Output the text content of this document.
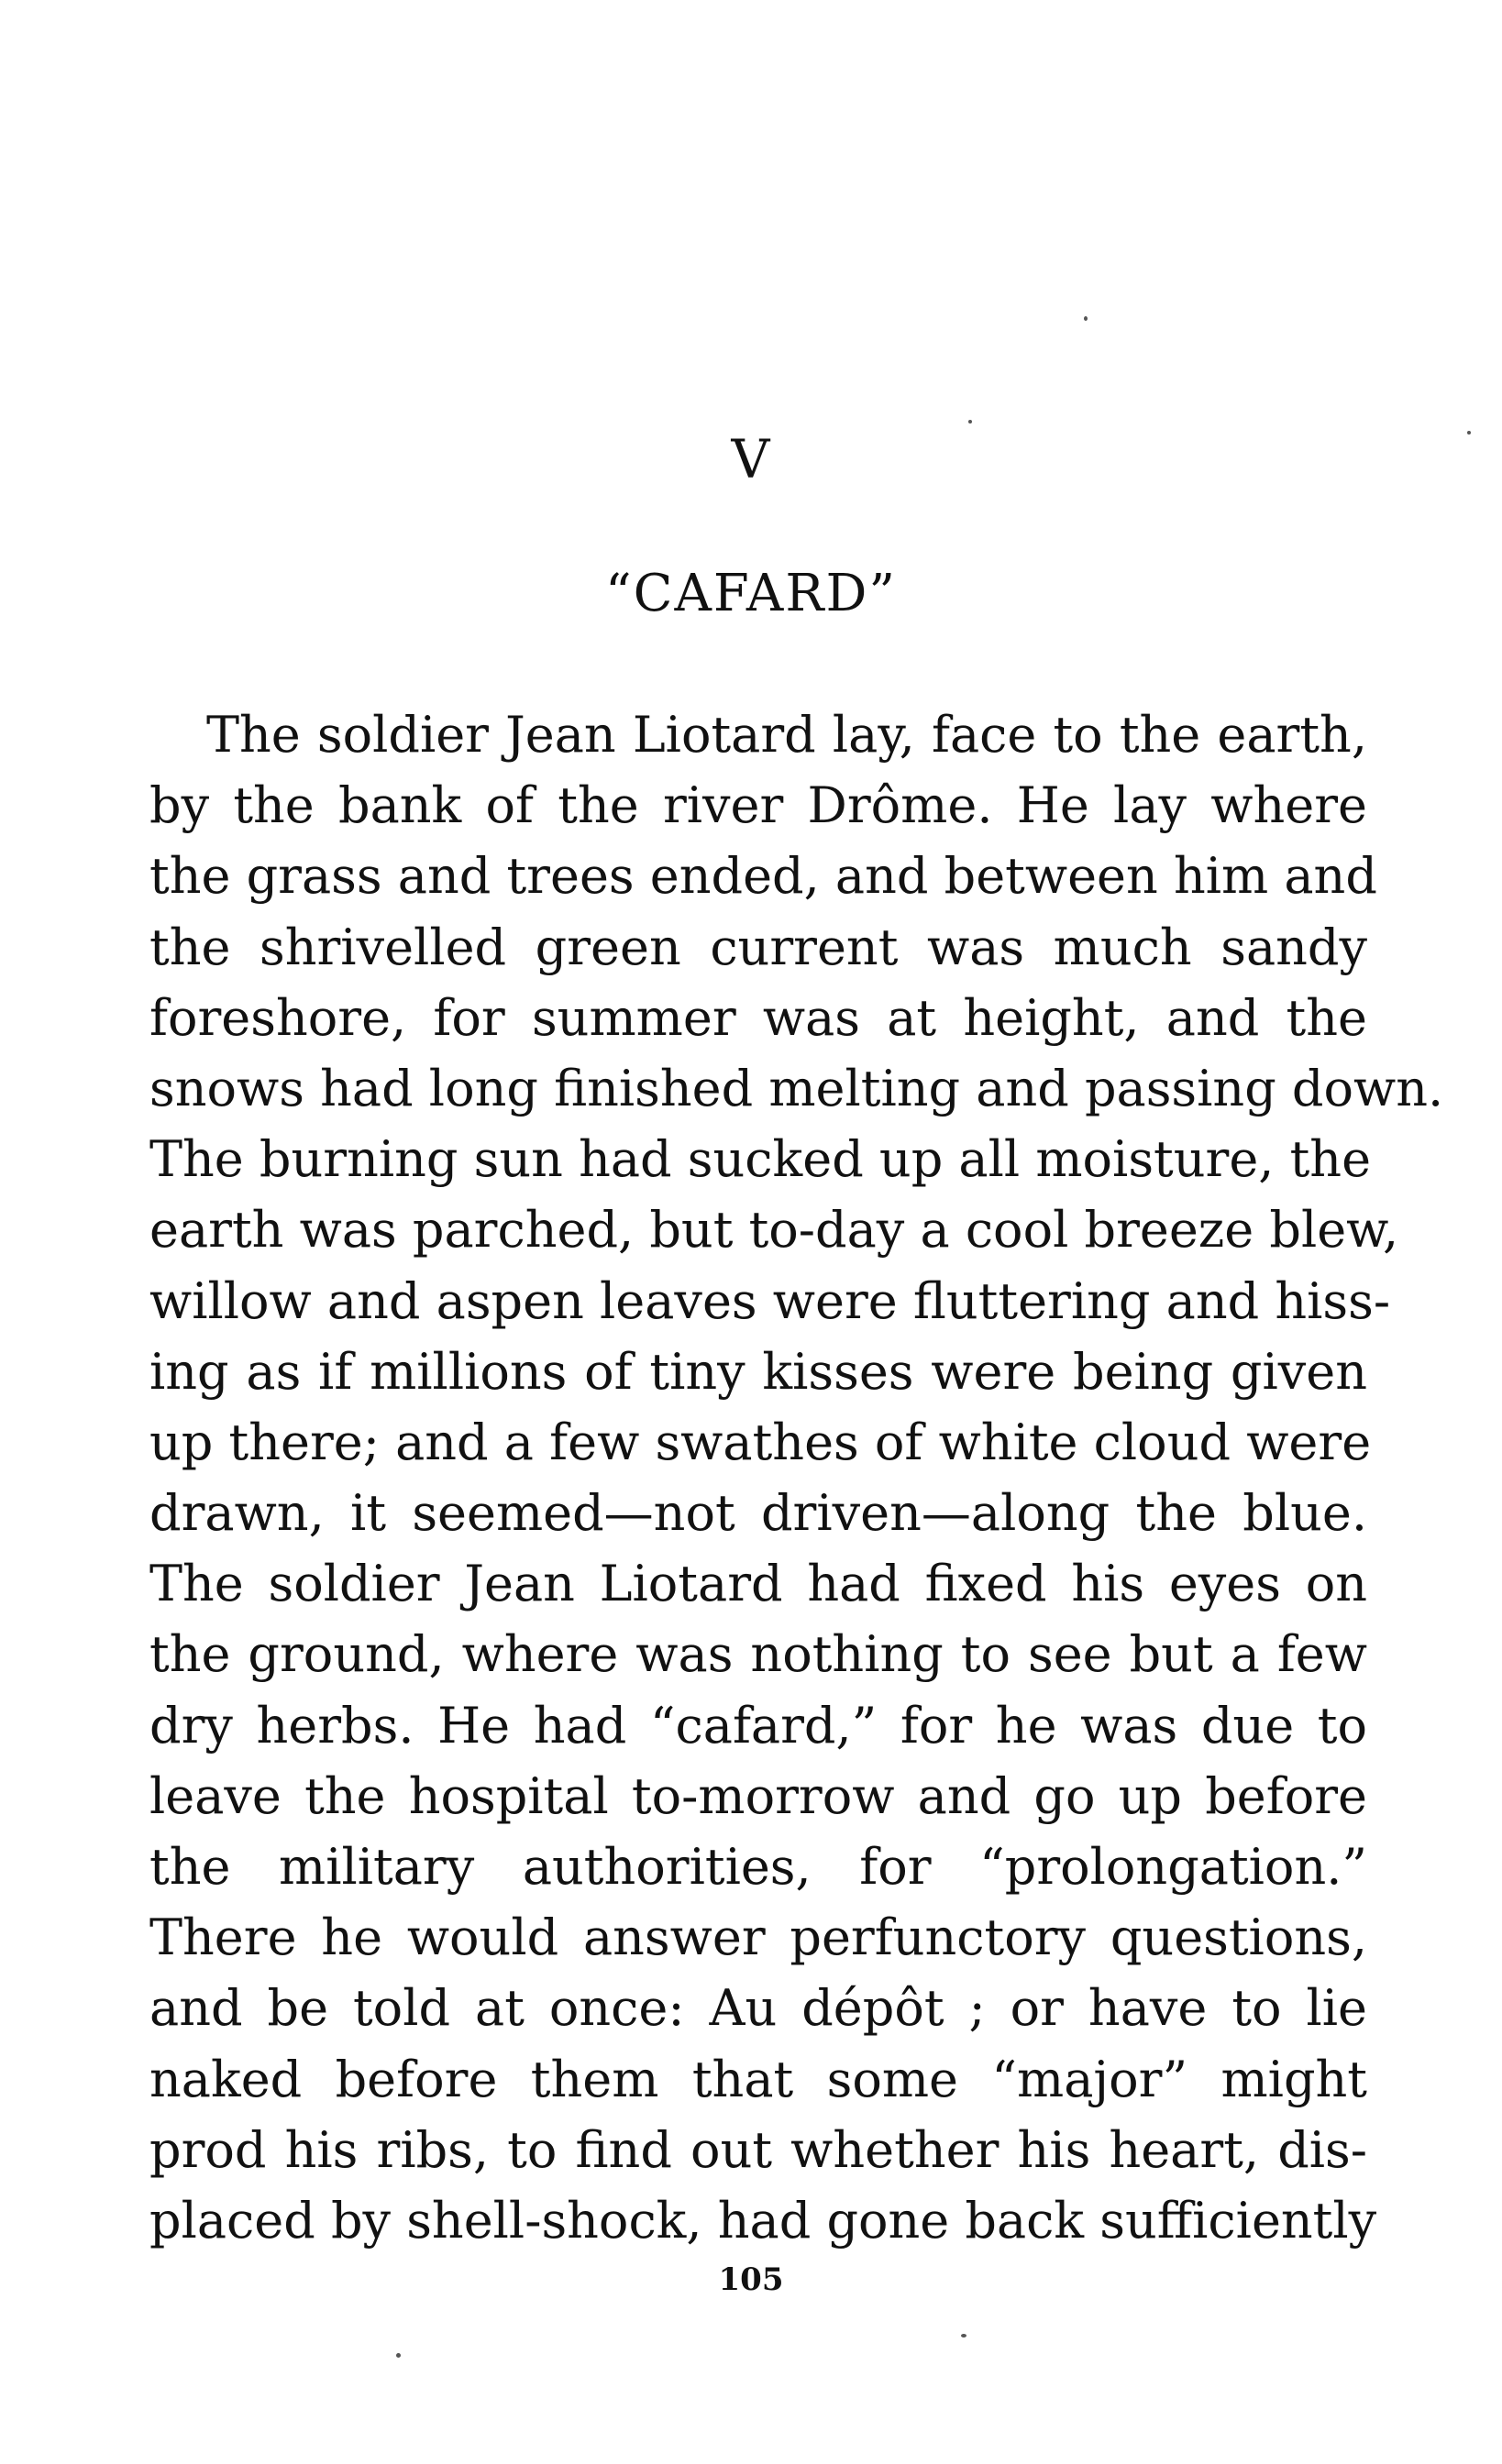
V
“CAFARD”

The soldier Jean Liotard lay, face to the earth,
by the bank of the river Drôme. He lay where
the grass and trees ended, and between him and
the shrivelled green current was much sandy
foreshore, for summer was at height, and the
snows had long finished melting and passing down.
The burning sun had sucked up all moisture, the
earth was parched, but to-day a cool breeze blew,
willow and aspen leaves were fluttering and hiss-
ing as if millions of tiny kisses were being given
up there; and a few swathes of white cloud were
drawn, it seemed—not driven—along the blue.
The soldier Jean Liotard had fixed his eyes on
the ground, where was nothing to see but a few
dry herbs. He had “cafard,” for he was due to
leave the hospital to-morrow and go up before
the military authorities, for “prolongation.”
There he would answer perfunctory questions,
and be told at once: Au dépôt ; or have to lie
naked before them that some “major” might
prod his ribs, to find out whether his heart, dis-
placed by shell-shock, had gone back sufficiently

105
